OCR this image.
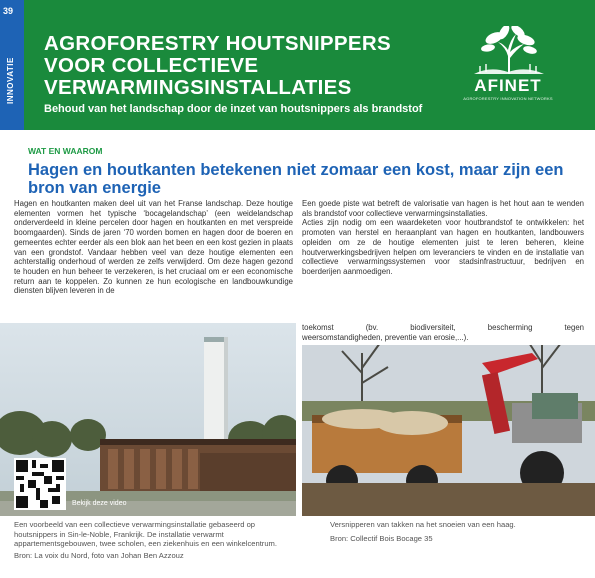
39
INNOVATIE
AGROFORESTRY HOUTSNIPPERS
VOOR COLLECTIEVE
VERWARMINGSINSTALLATIES
Behoud van het landschap door de inzet van houtsnippers als brandstof
AFINET
AGROFORESTRY INNOVATION NETWORKS
WAT EN WAAROM
Hagen en houtkanten betekenen niet zomaar een kost, maar zijn een bron van energie

Hagen en houtkanten maken deel uit van het Franse landschap. Deze houtige elementen vormen het typische ‘bocagelandschap’ (een weidelandschap onderverdeeld in kleine percelen door hagen en houtkanten en met verspreide boomgaarden). Sinds de jaren ‘70 worden bomen en hagen door de boeren en gemeentes echter eerder als een blok aan het been en een kost gezien in plaats van een grondstof. Vandaar hebben veel van deze houtige elementen een achterstallig onderhoud of werden ze zelfs verwijderd. Om deze hagen gezond te houden en hun beheer te verzekeren, is het cruciaal om er een economische return aan te koppelen. Zo kunnen ze hun ecologische en landbouwkundige diensten blijven leveren in de

Een goede piste wat betreft de valorisatie van hagen is het hout aan te wenden als brandstof voor collectieve verwarmingsinstallaties.

Acties zijn nodig om een waardeketen voor houtbrandstof te ontwikkelen: het promoten van herstel en heraanplant van hagen en houtkanten, landbouwers opleiden om ze de houtige elementen juist te leren beheren, kleine houtverwerkingsbedrijven helpen om leveranciers te vinden en de installatie van collectieve verwarmingssystemen voor stadsinfrastructuur, bedrijven en boerderijen aanmoedigen.

toekomst (bv. biodiversiteit, bescherming tegen
weersomstandigheden, preventie van erosie,...).
Bekijk deze video
Een voorbeeld van een collectieve verwarmingsinstallatie gebaseerd op houtsnippers in Sin-le-Noble, Frankrijk. De installatie verwarmt appartementsgebouwen, twee scholen, een ziekenhuis en een winkelcentrum.
Bron: La voix du Nord, foto van Johan Ben Azzouz
Versnipperen van takken na het snoeien van een haag.
Bron: Collectif Bois Bocage 35
